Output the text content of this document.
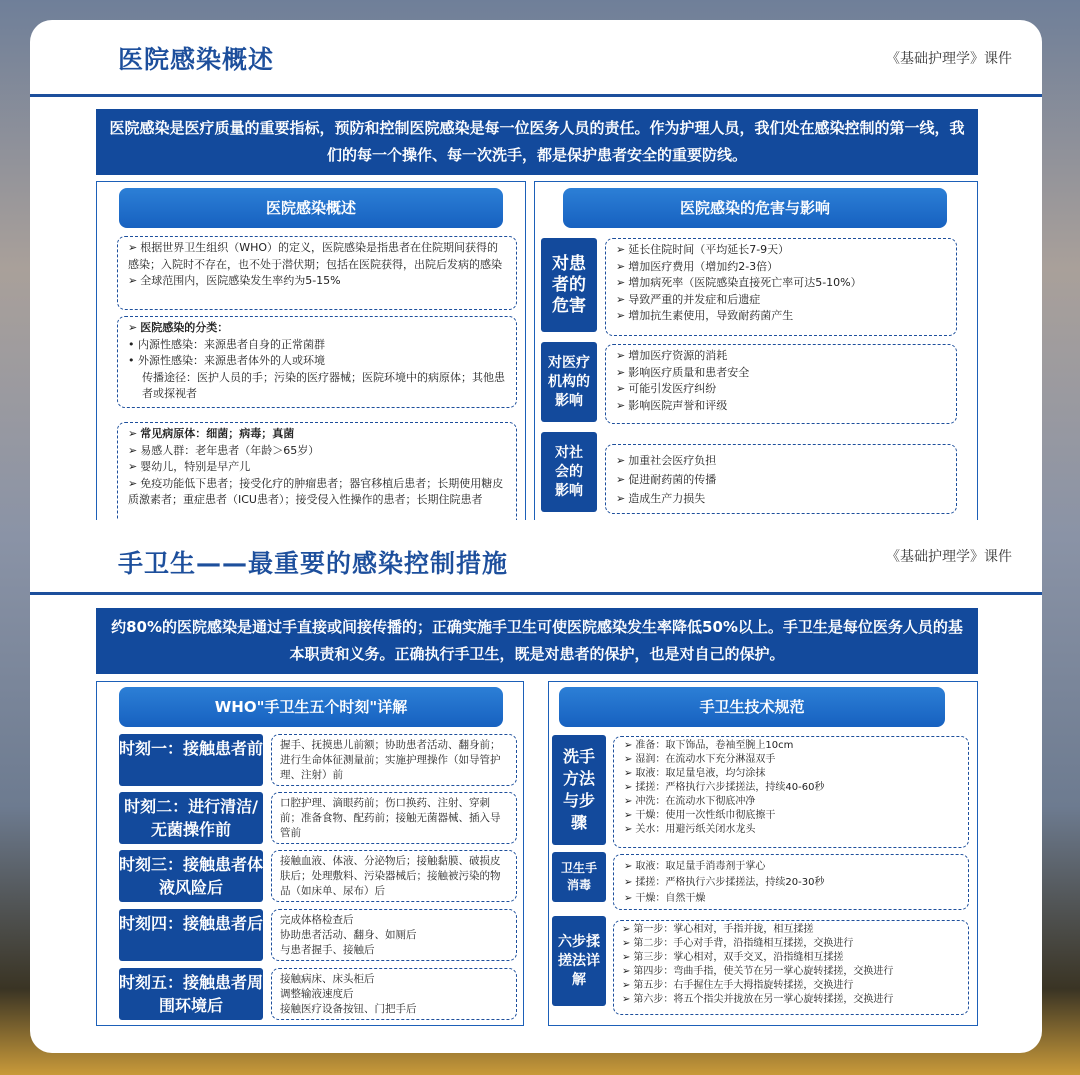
医院感染概述	《基础护理学》课件
医院感染是医疗质量的重要指标，预防和控制医院感染是每一位医务人员的责任。作为护理人员，我们处在感染控制的第一线，我们的每一个操作、每一次洗手，都是保护患者安全的重要防线。
医院感染概述
➢ 根据世界卫生组织（WHO）的定义，医院感染是指患者在住院期间获得的感染；入院时不存在，也不处于潜伏期；包括在医院获得，出院后发病的感染
➢ 全球范围内，医院感染发生率约为5-15%
➢ 医院感染的分类：
• 内源性感染：来源患者自身的正常菌群
• 外源性感染：来源患者体外的人或环境
传播途径：医护人员的手；污染的医疗器械；医院环境中的病原体；其他患者或探视者
➢ 常见病原体：细菌；病毒；真菌
➢ 易感人群：老年患者（年龄＞65岁）
➢ 婴幼儿，特别是早产儿
➢ 免疫功能低下患者；接受化疗的肿瘤患者；器官移植后患者；长期使用糖皮质激素者；重症患者（ICU患者）；接受侵入性操作的患者；长期住院患者
医院感染的危害与影响
对患者的危害
➢ 延长住院时间（平均延长7-9天）
➢ 增加医疗费用（增加约2-3倍）
➢ 增加病死率（医院感染直接死亡率可达5-10%）
➢ 导致严重的并发症和后遗症
➢ 增加抗生素使用，导致耐药菌产生
对医疗机构的影响
➢ 增加医疗资源的消耗
➢ 影响医疗质量和患者安全
➢ 可能引发医疗纠纷
➢ 影响医院声誉和评级
对社会的影响
➢ 加重社会医疗负担
➢ 促进耐药菌的传播
➢ 造成生产力损失
手卫生——最重要的感染控制措施	《基础护理学》课件
约80%的医院感染是通过手直接或间接传播的；正确实施手卫生可使医院感染发生率降低50%以上。手卫生是每位医务人员的基本职责和义务。正确执行手卫生，既是对患者的保护，也是对自己的保护。
WHO"手卫生五个时刻"详解
时刻一：接触患者前	握手、抚摸患儿前额；协助患者活动、翻身前；进行生命体征测量前；实施护理操作（如导管护理、注射）前
时刻二：进行清洁/无菌操作前
口腔护理、滴眼药前；伤口换药、注射、穿刺前；准备食物、配药前；接触无菌器械、插入导管前
时刻三：接触患者体液风险后
接触血液、体液、分泌物后；接触黏膜、破损皮肤后；处理敷料、污染器械后；接触被污染的物品（如床单、尿布）后
时刻四：接触患者后	完成体格检查后
协助患者活动、翻身、如厕后
与患者握手、接触后
时刻五：接触患者周围环境后
接触病床、床头柜后
调整输液速度后
接触医疗设备按钮、门把手后
手卫生技术规范
洗手方法与步骤
➢ 准备：取下饰品，卷袖至腕上10cm
➢ 湿润：在流动水下充分淋湿双手
➢ 取液：取足量皂液，均匀涂抹
➢ 揉搓：严格执行六步揉搓法，持续40-60秒
➢ 冲洗：在流动水下彻底冲净
➢ 干燥：使用一次性纸巾彻底擦干
➢ 关水：用避污纸关闭水龙头
卫生手消毒
➢ 取液：取足量手消毒剂于掌心
➢ 揉搓：严格执行六步揉搓法，持续20-30秒
➢ 干燥：自然干燥
六步揉搓法详解
➢ 第一步：掌心相对，手指并拢，相互揉搓
➢ 第二步：手心对手背，沿指缝相互揉搓，交换进行
➢ 第三步：掌心相对，双手交叉，沿指缝相互揉搓
➢ 第四步：弯曲手指，使关节在另一掌心旋转揉搓，交换进行
➢ 第五步：右手握住左手大拇指旋转揉搓，交换进行
➢ 第六步：将五个指尖并拢放在另一掌心旋转揉搓，交换进行
